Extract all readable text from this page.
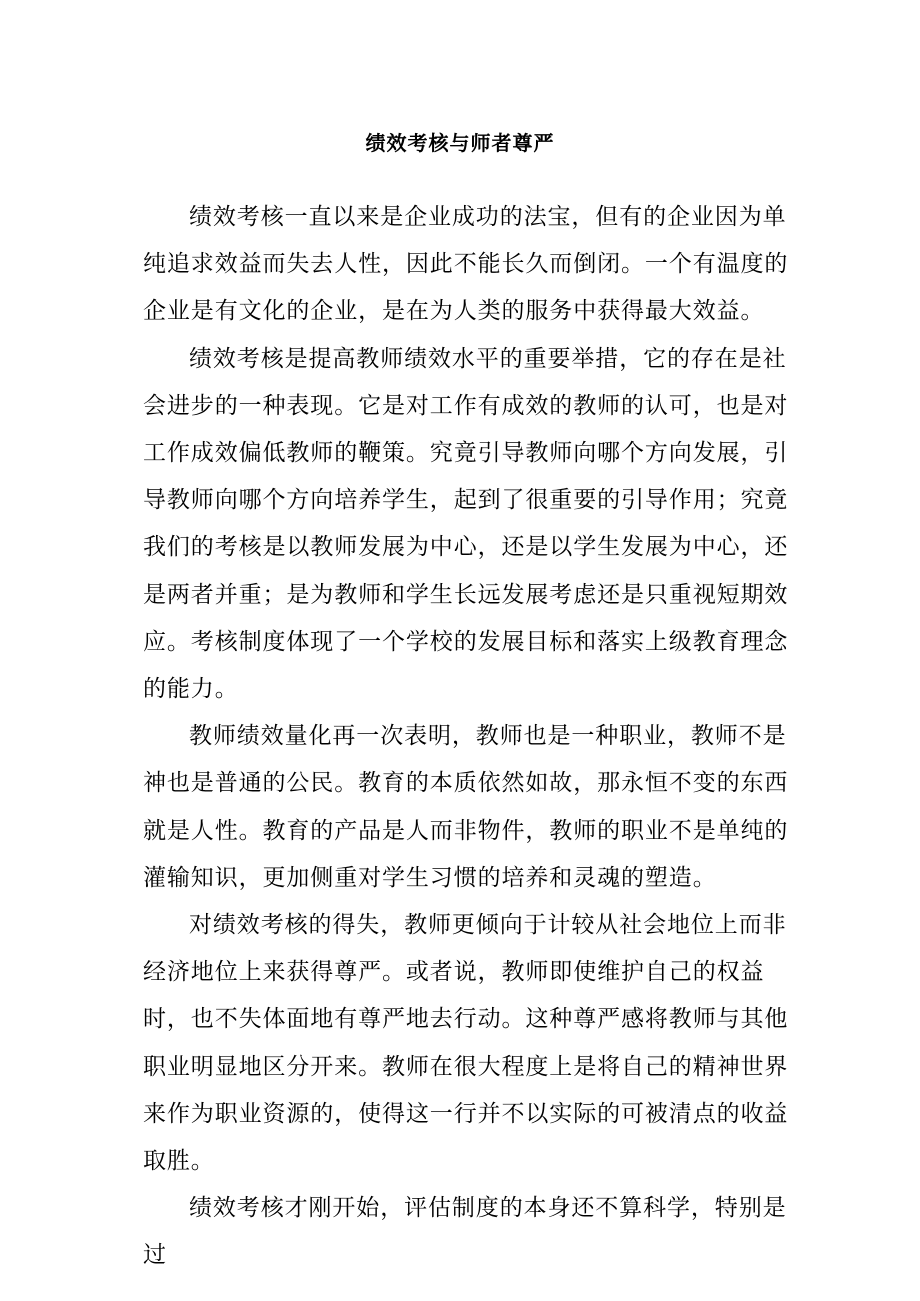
绩效考核与师者尊严

绩效考核一直以来是企业成功的法宝，但有的企业因为单纯追求效益而失去人性，因此不能长久而倒闭。一个有温度的企业是有文化的企业，是在为人类的服务中获得最大效益。

绩效考核是提高教师绩效水平的重要举措，它的存在是社会进步的一种表现。它是对工作有成效的教师的认可，也是对工作成效偏低教师的鞭策。究竟引导教师向哪个方向发展，引导教师向哪个方向培养学生，起到了很重要的引导作用；究竟我们的考核是以教师发展为中心，还是以学生发展为中心，还是两者并重；是为教师和学生长远发展考虑还是只重视短期效应。考核制度体现了一个学校的发展目标和落实上级教育理念的能力。

教师绩效量化再一次表明，教师也是一种职业，教师不是神也是普通的公民。教育的本质依然如故，那永恒不变的东西就是人性。教育的产品是人而非物件，教师的职业不是单纯的灌输知识，更加侧重对学生习惯的培养和灵魂的塑造。

对绩效考核的得失，教师更倾向于计较从社会地位上而非经济地位上来获得尊严。或者说，教师即使维护自己的权益时，也不失体面地有尊严地去行动。这种尊严感将教师与其他职业明显地区分开来。教师在很大程度上是将自己的精神世界来作为职业资源的，使得这一行并不以实际的可被清点的收益取胜。

绩效考核才刚开始，评估制度的本身还不算科学，特别是过
